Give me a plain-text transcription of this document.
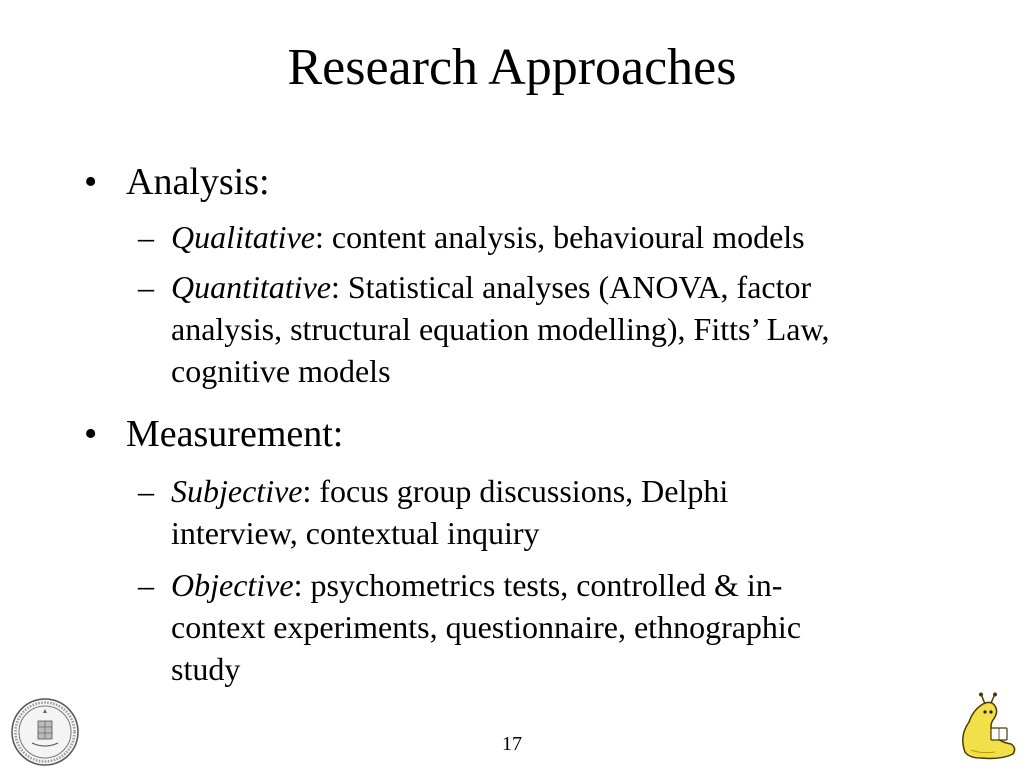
Research Approaches
• Analysis:
– Qualitative: content analysis, behavioural models
– Quantitative: Statistical analyses (ANOVA, factor
analysis, structural equation modelling), Fitts’ Law,
cognitive models
• Measurement:
– Subjective: focus group discussions, Delphi
interview, contextual inquiry
– Objective: psychometrics tests, controlled & in-
context experiments, questionnaire, ethnographic
study
17
